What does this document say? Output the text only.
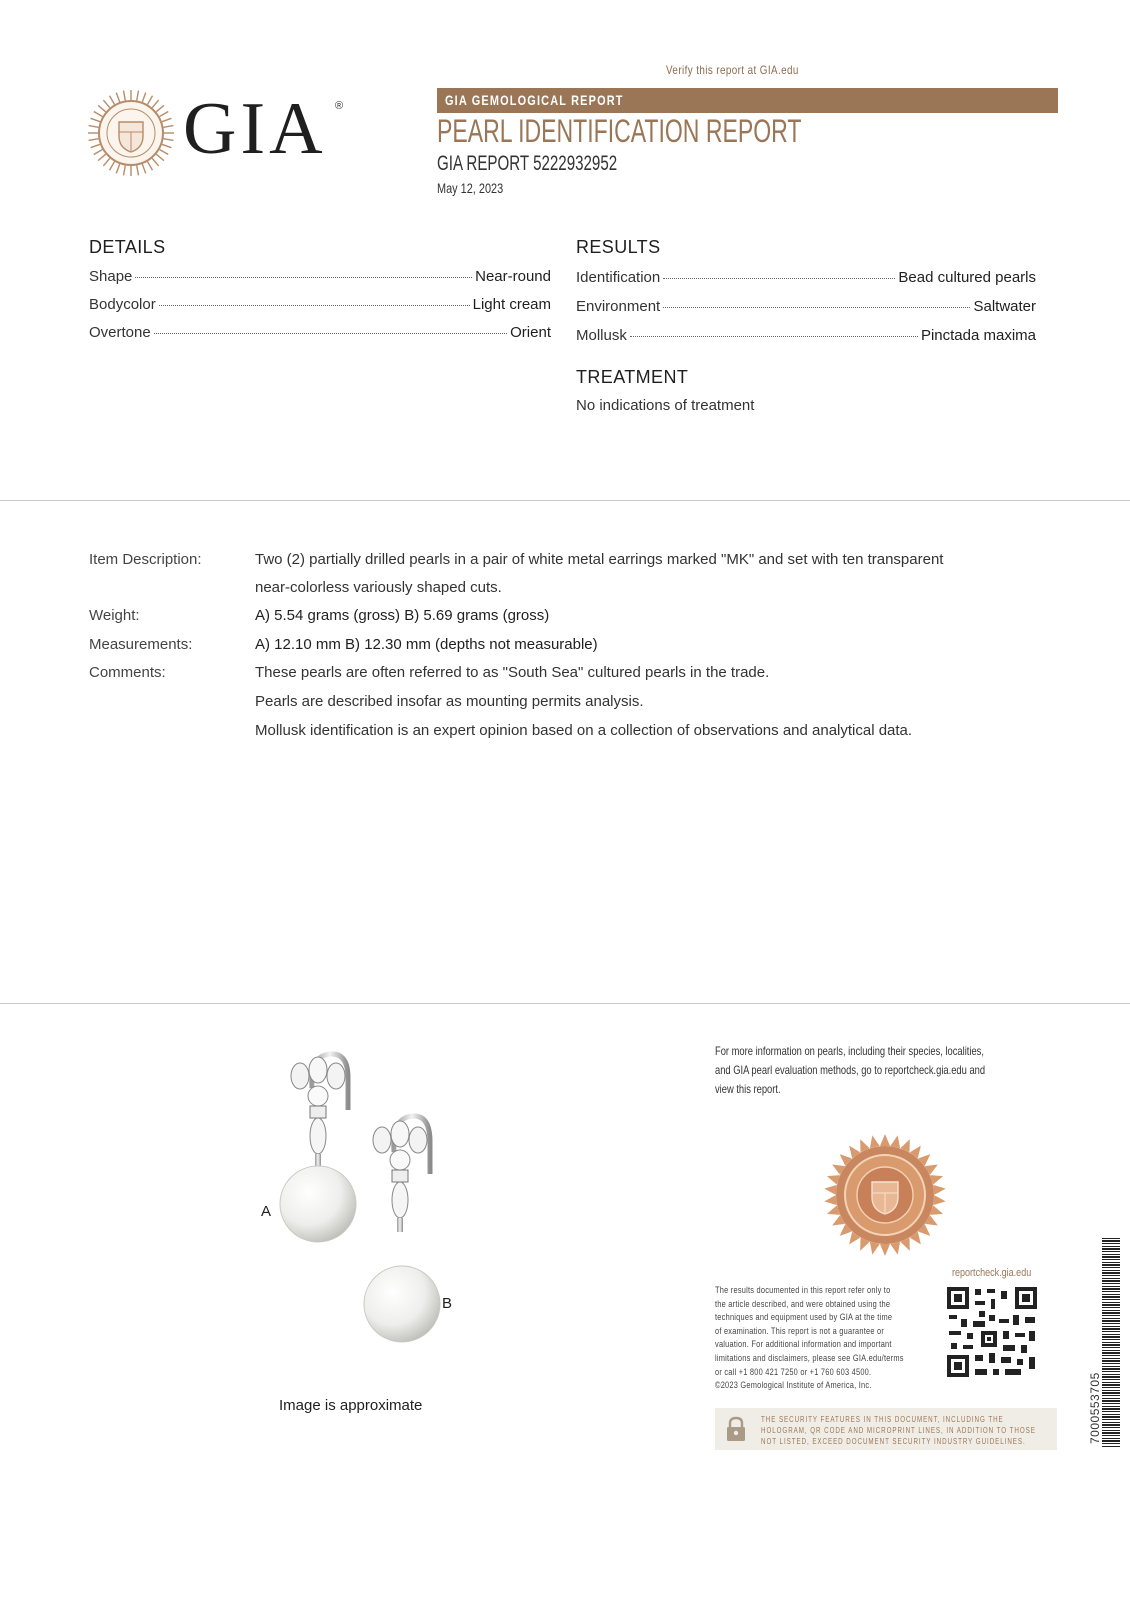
Verify this report at GIA.edu
GIA ®	GIA GEMOLOGICAL REPORT
PEARL IDENTIFICATION REPORT
GIA REPORT 5222932952
May 12, 2023
DETAILS
Shape	Near-round
Bodycolor	Light cream
Overtone	Orient
RESULTS
Identification	Bead cultured pearls
Environment	Saltwater
Mollusk	Pinctada maxima
TREATMENT
No indications of treatment
Item Description:	Two (2) partially drilled pearls in a pair of white metal earrings marked "MK" and set with ten transparent
near-colorless variously shaped cuts.
Weight:	A) 5.54 grams (gross) B) 5.69 grams (gross)
Measurements:	A) 12.10 mm B) 12.30 mm (depths not measurable)
Comments:	These pearls are often referred to as "South Sea" cultured pearls in the trade.
Pearls are described insofar as mounting permits analysis.
Mollusk identification is an expert opinion based on a collection of observations and analytical data.
A
B
Image is approximate
For more information on pearls, including their species, localities,
and GIA pearl evaluation methods, go to reportcheck.gia.edu and
view this report.
reportcheck.gia.edu
The results documented in this report refer only to
the article described, and were obtained using the
techniques and equipment used by GIA at the time
of examination. This report is not a guarantee or
valuation. For additional information and important
limitations and disclaimers, please see GIA.edu/terms
or call +1 800 421 7250 or +1 760 603 4500.
©2023 Gemological Institute of America, Inc.
THE SECURITY FEATURES IN THIS DOCUMENT, INCLUDING THE
HOLOGRAM, QR CODE AND MICROPRINT LINES, IN ADDITION TO THOSE
NOT LISTED, EXCEED DOCUMENT SECURITY INDUSTRY GUIDELINES.	7000553705
